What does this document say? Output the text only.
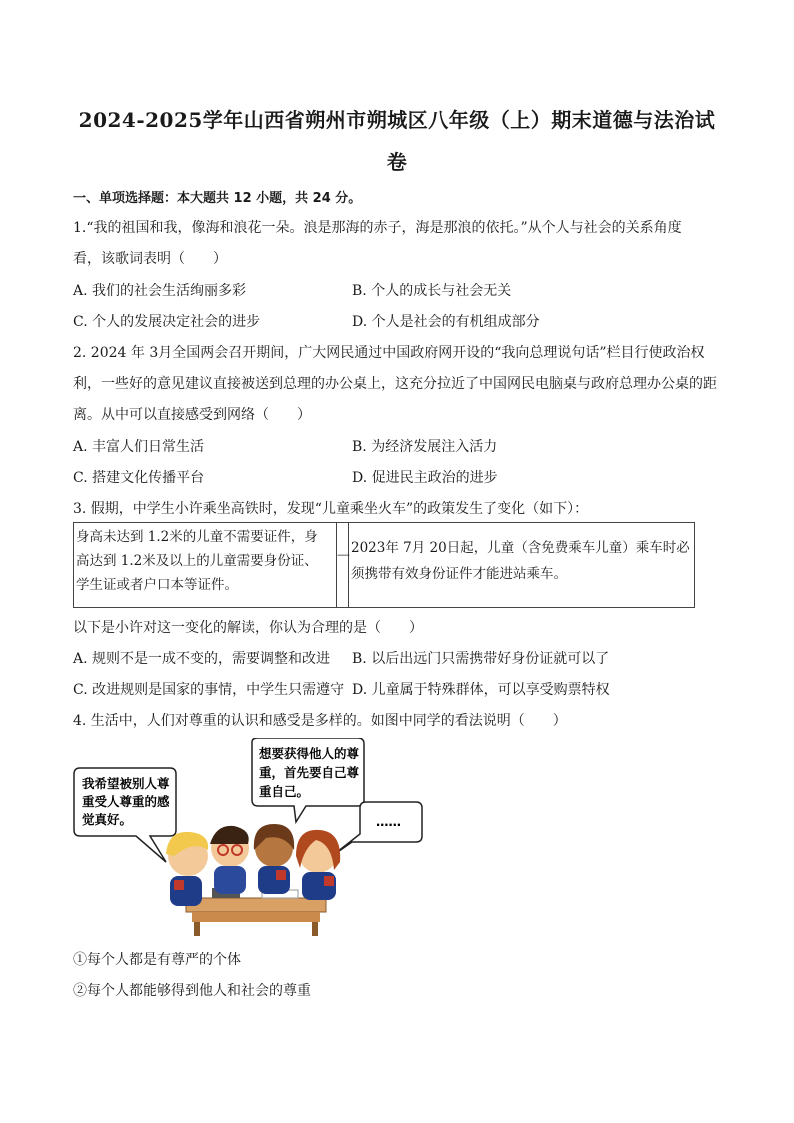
2024-2025学年山西省朔州市朔城区八年级（上）期末道德与法治试
卷
一、单项选择题：本大题共 12 小题，共 24 分。
1.“我的祖国和我，像海和浪花一朵。浪是那海的赤子，海是那浪的依托。”从个人与社会的关系角度
看，该歌词表明（　　）
A. 我们的社会生活绚丽多彩	B. 个人的成长与社会无关
C. 个人的发展决定社会的进步	D. 个人是社会的有机组成部分
2. 2024 年 3月全国两会召开期间，广大网民通过中国政府网开设的“我向总理说句话”栏目行使政治权
利，一些好的意见建议直接被送到总理的办公桌上，这充分拉近了中国网民电脑桌与政府总理办公桌的距
离。从中可以直接感受到网络（　　）
A. 丰富人们日常生活	B. 为经济发展注入活力
C. 搭建文化传播平台	D. 促进民主政治的进步
3. 假期，中学生小许乘坐高铁时，发现“儿童乘坐火车”的政策发生了变化（如下）：
身高未达到 1.2米的儿童不需要证件，身
高达到 1.2米及以上的儿童需要身份证、
学生证或者户口本等证件。

⟶	2023年 7月 20日起，儿童（含免费乘车儿童）乘车时必
须携带有效身份证件才能进站乘车。
以下是小许对这一变化的解读，你认为合理的是（　　）
A. 规则不是一成不变的，需要调整和改进 B. 以后出远门只需携带好身份证就可以了
C. 改进规则是国家的事情，中学生只需遵守 D. 儿童属于特殊群体，可以享受购票特权
4. 生活中，人们对尊重的认识和感受是多样的。如图中同学的看法说明（　　）
我希望被别人尊
重受人尊重的感
觉真好。
想要获得他人的尊
重，首先要自己尊
重自己。
……
①每个人都是有尊严的个体
②每个人都能够得到他人和社会的尊重
